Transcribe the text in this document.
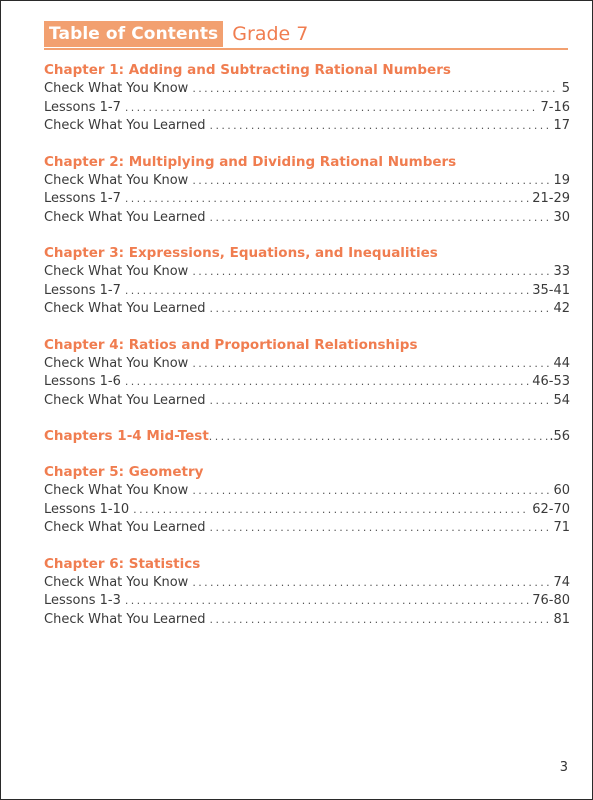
Table of Contents Grade 7
Chapter 1: Adding and Subtracting Rational Numbers
Check What You Know .....	5
Lessons 1-7 .....	7-16
Check What You Learned .....	17
Chapter 2: Multiplying and Dividing Rational Numbers
Check What You Know .....	19
Lessons 1-7 .....	21-29
Check What You Learned .....	30
Chapter 3: Expressions, Equations, and Inequalities
Check What You Know .....	33
Lessons 1-7 .....	35-41
Check What You Learned .....	42
Chapter 4: Ratios and Proportional Relationships
Check What You Know .....	44
Lessons 1-6 .....	46-53
Check What You Learned .....	54
Chapters 1-4 Mid-Test .....	.56
Chapter 5: Geometry
Check What You Know .....	60
Lessons 1-10 .....	62-70
Check What You Learned .....	71
Chapter 6: Statistics
Check What You Know .....	74
Lessons 1-3 .....	76-80
Check What You Learned .....	81
3
